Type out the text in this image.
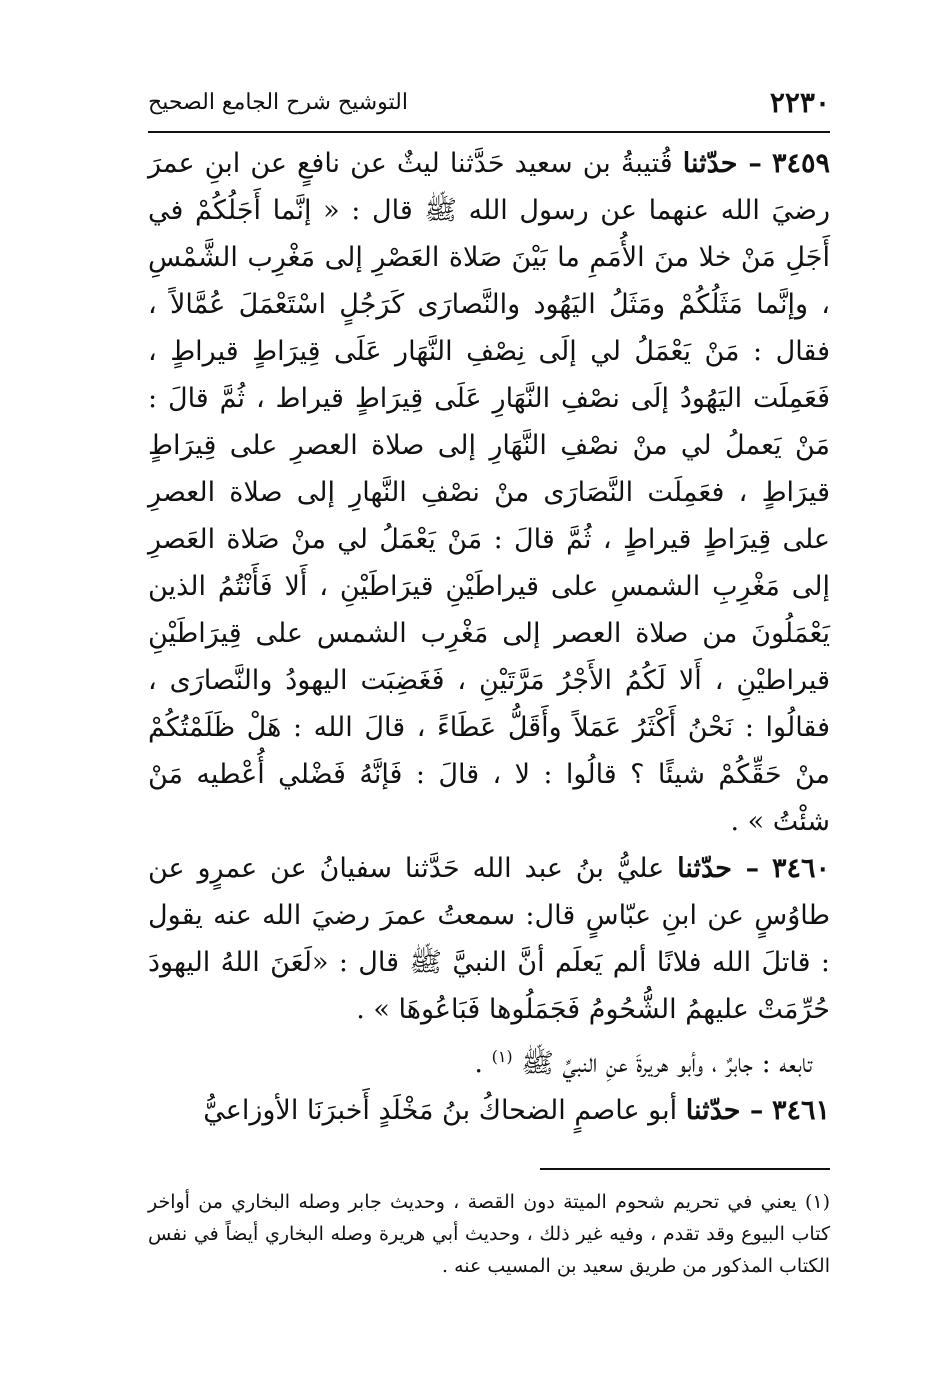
٢٢٣٠
التوشيح شرح الجامع الصحيح

٣٤٥٩ – حدّثنا قُتيبةُ بن سعيد حَدَّثنا ليثٌ عن نافعٍ عن ابنِ عمرَ رضيَ الله عنهما عن رسول الله ﷺ قال : « إنَّما أَجَلُكُمْ في أَجَلِ مَنْ خلا منَ الأُمَمِ ما بَيْنَ صَلاة العَصْرِ إلى مَغْرِب الشَّمْسِ ، وإنَّما مَثَلُكُمْ ومَثَلُ اليَهُود والنَّصارَى كَرَجُلٍ اسْتَعْمَلَ عُمَّالاً ، فقال : مَنْ يَعْمَلُ لي إلَى نِصْفِ النَّهَار عَلَى قِيرَاطٍ قيراطٍ ، فَعَمِلَت اليَهُودُ إلَى نصْفِ النَّهَارِ عَلَى قِيرَاطٍ قيراط ، ثُمَّ قالَ : مَنْ يَعملُ لي منْ نصْفِ النَّهَارِ إلى صلاة العصرِ على قِيرَاطٍ قيرَاطٍ ، فعَمِلَت النَّصَارَى منْ نصْفِ النَّهارِ إلى صلاة العصرِ على قِيرَاطٍ قيراطٍ ، ثُمَّ قالَ : مَنْ يَعْمَلُ لي منْ صَلاة العَصرِ إلى مَغْرِبِ الشمسِ على قيراطَيْنِ قيرَاطَيْنِ ، أَلا فَأَنْتُمُ الذين يَعْمَلُونَ من صلاة العصر إلى مَغْرِب الشمس على قِيرَاطَيْنِ قيراطيْنِ ، أَلا لَكُمُ الأَجْرُ مَرَّتَيْنِ ، فَغَضِبَت اليهودُ والنَّصارَى ، فقالُوا : نَحْنُ أَكْثَرُ عَمَلاً وأَقَلُّ عَطَاءً ، قالَ الله : هَلْ ظَلَمْتُكُمْ منْ حَقِّكُمْ شيئًا ؟ قالُوا : لا ، قالَ : فَإنَّهُ فَضْلي أُعْطيه مَنْ شئْتُ » .

٣٤٦٠ – حدّثنا عليُّ بنُ عبد الله حَدَّثنا سفيانُ عن عمرٍو عن طاوُسٍ عن ابنِ عبّاسٍ قال: سمعتُ عمرَ رضيَ الله عنه يقول : قاتلَ الله فلانًا ألم يَعلَم أنَّ النبيَّ ﷺ قال : «لَعَنَ اللهُ اليهودَ حُرِّمَتْ عليهمُ الشُّحُومُ فَجَمَلُوها فَبَاعُوهَا » .

تابعه : جابرٌ ، وأبو هريرةَ عنِ النبيِّ ﷺ $^{(١)}$ .

٣٤٦١ – حدّثنا أبو عاصمٍ الضحاكُ بنُ مَخْلَدٍ أَخبرَنَا الأوزاعيُّ

(١) يعني في تحريم شحوم الميتة دون القصة ، وحديث جابر وصله البخاري من أواخر كتاب البيوع وقد تقدم ، وفيه غير ذلك ، وحديث أبي هريرة وصله البخاري أيضاً في نفس الكتاب المذكور من طريق سعيد بن المسيب عنه .
